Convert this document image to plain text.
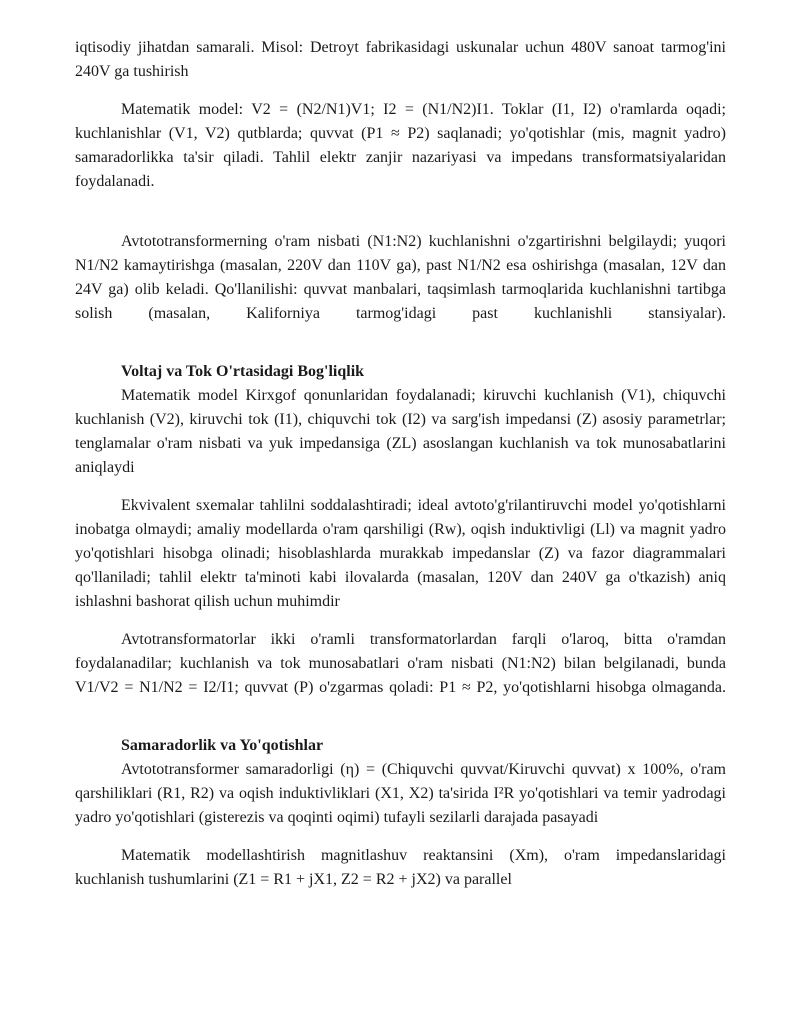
iqtisodiy jihatdan samarali. Misol: Detroyt fabrikasidagi uskunalar uchun 480V sanoat tarmog'ini 240V ga tushirish

Matematik model: V2 = (N2/N1)V1; I2 = (N1/N2)I1. Toklar (I1, I2) o'ramlarda oqadi; kuchlanishlar (V1, V2) qutblarda; quvvat (P1 ≈ P2) saqlanadi; yo'qotishlar (mis, magnit yadro) samaradorlikka ta'sir qiladi. Tahlil elektr zanjir nazariyasi va impedans transformatsiyalaridan foydalanadi.

Avtototransformerning o'ram nisbati (N1:N2) kuchlanishni o'zgartirishni belgilaydi; yuqori N1/N2 kamaytirishga (masalan, 220V dan 110V ga), past N1/N2 esa oshirishga (masalan, 12V dan 24V ga) olib keladi. Qo'llanilishi: quvvat manbalari, taqsimlash tarmoqlarida kuchlanishni tartibga solish (masalan, Kaliforniya tarmog'idagi past kuchlanishli stansiyalar).

Voltaj va Tok O'rtasidagi Bog'liqlik

Matematik model Kirxgof qonunlaridan foydalanadi; kiruvchi kuchlanish (V1), chiquvchi kuchlanish (V2), kiruvchi tok (I1), chiquvchi tok (I2) va sarg'ish impedansi (Z) asosiy parametrlar; tenglamalar o'ram nisbati va yuk impedansiga (ZL) asoslangan kuchlanish va tok munosabatlarini aniqlaydi

Ekvivalent sxemalar tahlilni soddalashtiradi; ideal avtoto'g'rilantiruvchi model yo'qotishlarni inobatga olmaydi; amaliy modellarda o'ram qarshiligi (Rw), oqish induktivligi (Ll) va magnit yadro yo'qotishlari hisobga olinadi; hisoblashlarda murakkab impedanslar (Z) va fazor diagrammalari qo'llaniladi; tahlil elektr ta'minoti kabi ilovalarda (masalan, 120V dan 240V ga o'tkazish) aniq ishlashni bashorat qilish uchun muhimdir

Avtotransformatorlar ikki o'ramli transformatorlardan farqli o'laroq, bitta o'ramdan foydalanadilar; kuchlanish va tok munosabatlari o'ram nisbati (N1:N2) bilan belgilanadi, bunda V1/V2 = N1/N2 = I2/I1; quvvat (P) o'zgarmas qoladi: P1 ≈ P2, yo'qotishlarni hisobga olmaganda.

Samaradorlik va Yo'qotishlar

Avtototransformer samaradorligi (η) = (Chiquvchi quvvat/Kiruvchi quvvat) x 100%, o'ram qarshiliklari (R1, R2) va oqish induktivliklari (X1, X2) ta'sirida I²R yo'qotishlari va temir yadrodagi yadro yo'qotishlari (gisterezis va qoqinti oqimi) tufayli sezilarli darajada pasayadi

Matematik modellashtirish magnitlashuv reaktansini (Xm), o'ram impedanslaridagi kuchlanish tushumlarini (Z1 = R1 + jX1, Z2 = R2 + jX2) va parallel
